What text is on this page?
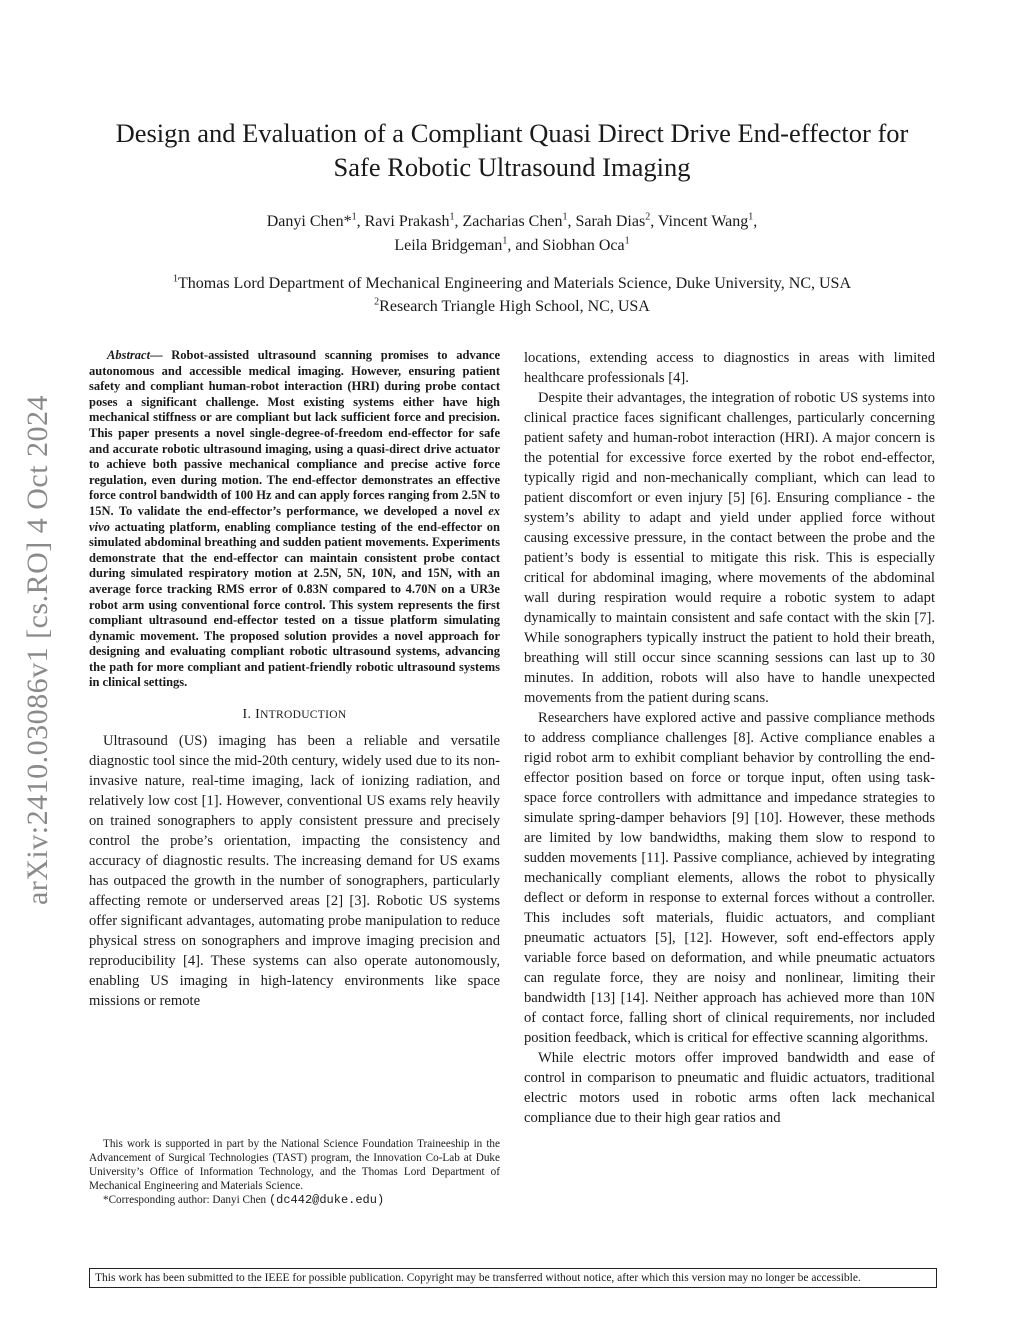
arXiv:2410.03086v1 [cs.RO] 4 Oct 2024
Design and Evaluation of a Compliant Quasi Direct Drive End-effector for
Safe Robotic Ultrasound Imaging
Danyi Chen*$^1$, Ravi Prakash$^1$, Zacharias Chen$^1$, Sarah Dias$^2$, Vincent Wang$^1$,
Leila Bridgeman$^1$, and Siobhan Oca$^1$
$^1$Thomas Lord Department of Mechanical Engineering and Materials Science, Duke University, NC, USA
$^2$Research Triangle High School, NC, USA

Abstract— Robot-assisted ultrasound scanning promises to advance autonomous and accessible medical imaging. However, ensuring patient safety and compliant human-robot interaction (HRI) during probe contact poses a significant challenge. Most existing systems either have high mechanical stiffness or are compliant but lack sufficient force and precision. This paper presents a novel single-degree-of-freedom end-effector for safe and accurate robotic ultrasound imaging, using a quasi-direct drive actuator to achieve both passive mechanical compliance and precise active force regulation, even during motion. The end-effector demonstrates an effective force control bandwidth of 100 Hz and can apply forces ranging from 2.5N to 15N. To validate the end-effector’s performance, we developed a novel ex vivo actuating platform, enabling compliance testing of the end-effector on simulated abdominal breathing and sudden patient movements. Experiments demonstrate that the end-effector can maintain consistent probe contact during simulated respiratory motion at 2.5N, 5N, 10N, and 15N, with an average force tracking RMS error of 0.83N compared to 4.70N on a UR3e robot arm using conventional force control. This system represents the first compliant ultrasound end-effector tested on a tissue platform simulating dynamic movement. The proposed solution provides a novel approach for designing and evaluating compliant robotic ultrasound systems, advancing the path for more compliant and patient-friendly robotic ultrasound systems in clinical settings.

I. INTRODUCTION

Ultrasound (US) imaging has been a reliable and versatile diagnostic tool since the mid-20th century, widely used due to its non-invasive nature, real-time imaging, lack of ionizing radiation, and relatively low cost [1]. However, conventional US exams rely heavily on trained sonographers to apply consistent pressure and precisely control the probe’s orientation, impacting the consistency and accuracy of diagnostic results. The increasing demand for US exams has outpaced the growth in the number of sonographers, particularly affecting remote or underserved areas [2] [3]. Robotic US systems offer significant advantages, automating probe manipulation to reduce physical stress on sonographers and improve imaging precision and reproducibility [4]. These systems can also operate autonomously, enabling US imaging in high-latency environments like space missions or remote

This work is supported in part by the National Science Foundation Traineeship in the Advancement of Surgical Technologies (TAST) program, the Innovation Co-Lab at Duke University’s Office of Information Technology, and the Thomas Lord Department of Mechanical Engineering and Materials Science.

*Corresponding author: Danyi Chen (dc442@duke.edu)

locations, extending access to diagnostics in areas with limited healthcare professionals [4].

Despite their advantages, the integration of robotic US systems into clinical practice faces significant challenges, particularly concerning patient safety and human-robot interaction (HRI). A major concern is the potential for excessive force exerted by the robot end-effector, typically rigid and non-mechanically compliant, which can lead to patient discomfort or even injury [5] [6]. Ensuring compliance - the system’s ability to adapt and yield under applied force without causing excessive pressure, in the contact between the probe and the patient’s body is essential to mitigate this risk. This is especially critical for abdominal imaging, where movements of the abdominal wall during respiration would require a robotic system to adapt dynamically to maintain consistent and safe contact with the skin [7]. While sonographers typically instruct the patient to hold their breath, breathing will still occur since scanning sessions can last up to 30 minutes. In addition, robots will also have to handle unexpected movements from the patient during scans.

Researchers have explored active and passive compliance methods to address compliance challenges [8]. Active compliance enables a rigid robot arm to exhibit compliant behavior by controlling the end-effector position based on force or torque input, often using task-space force controllers with admittance and impedance strategies to simulate spring-damper behaviors [9] [10]. However, these methods are limited by low bandwidths, making them slow to respond to sudden movements [11]. Passive compliance, achieved by integrating mechanically compliant elements, allows the robot to physically deflect or deform in response to external forces without a controller. This includes soft materials, fluidic actuators, and compliant pneumatic actuators [5], [12]. However, soft end-effectors apply variable force based on deformation, and while pneumatic actuators can regulate force, they are noisy and nonlinear, limiting their bandwidth [13] [14]. Neither approach has achieved more than 10N of contact force, falling short of clinical requirements, nor included position feedback, which is critical for effective scanning algorithms.

While electric motors offer improved bandwidth and ease of control in comparison to pneumatic and fluidic actuators, traditional electric motors used in robotic arms often lack mechanical compliance due to their high gear ratios and

This work has been submitted to the IEEE for possible publication. Copyright may be transferred without notice, after which this version may no longer be accessible.
